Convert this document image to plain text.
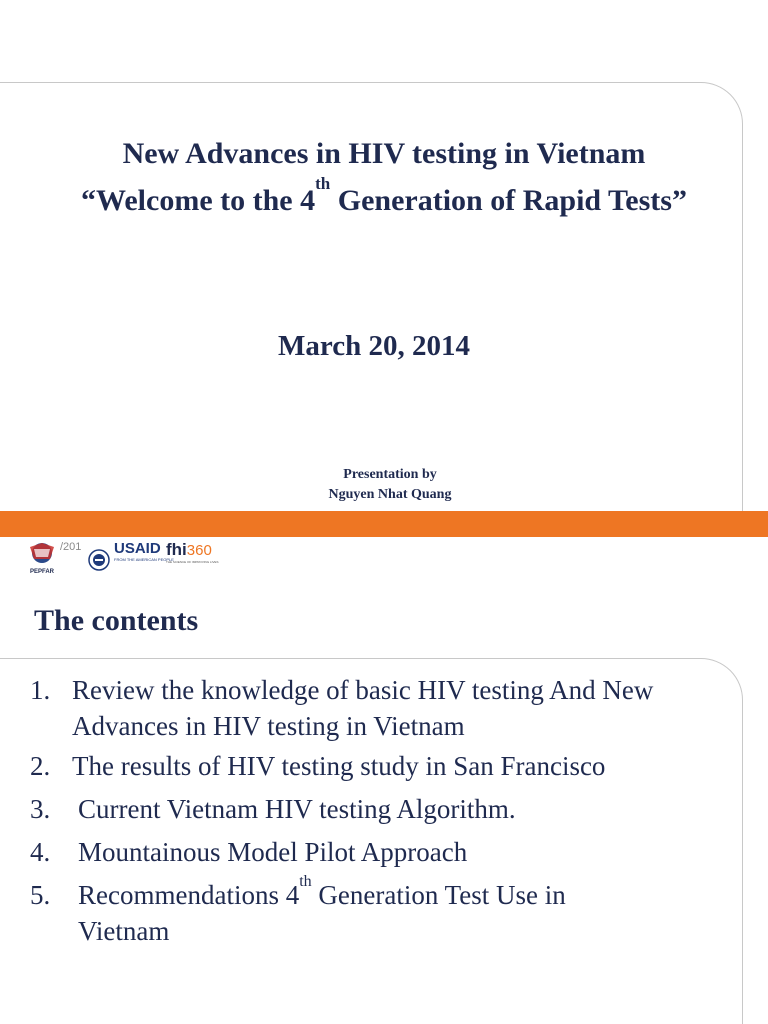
New Advances in HIV testing in Vietnam
“Welcome to the 4th Generation of Rapid Tests”
March 20, 2014
Presentation by
Nguyen Nhat Quang
PEPFAR
USAID
FROM THE AMERICAN PEOPLE
fhi360
THE SCIENCE OF IMPROVING LIVES
/201
The contents
1. Review the knowledge of basic HIV testing And New Advances in HIV testing in Vietnam
2. The results of HIV testing study in San Francisco
3. Current Vietnam HIV testing Algorithm.
4. Mountainous Model Pilot Approach
5. Recommendations 4th Generation Test Use in Vietnam
